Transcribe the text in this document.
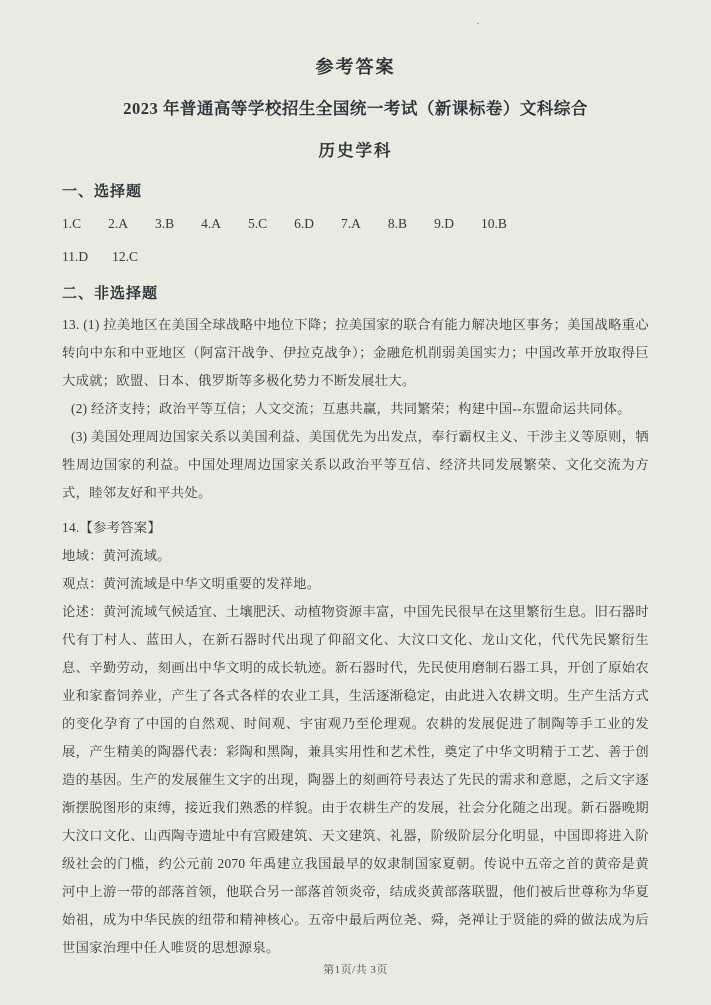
·
参考答案
2023 年普通高等学校招生全国统一考试（新课标卷）文科综合
历史学科
一、选择题
1.C 2.A 3.B 4.A 5.C 6.D 7.A 8.B 9.D 10.B
11.D 12.C
二、非选择题

13. (1) 拉美地区在美国全球战略中地位下降；拉美国家的联合有能力解决地区事务；美国战略重心转向中东和中亚地区（阿富汗战争、伊拉克战争）；金融危机削弱美国实力；中国改革开放取得巨大成就；欧盟、日本、俄罗斯等多极化势力不断发展壮大。

(2) 经济支持；政治平等互信；人文交流；互惠共赢，共同繁荣；构建中国--东盟命运共同体。

(3) 美国处理周边国家关系以美国利益、美国优先为出发点，奉行霸权主义、干涉主义等原则，牺牲周边国家的利益。中国处理周边国家关系以政治平等互信、经济共同发展繁荣、文化交流为方式，睦邻友好和平共处。

14.【参考答案】

地域：黄河流域。

观点：黄河流域是中华文明重要的发祥地。

论述：黄河流域气候适宜、土壤肥沃、动植物资源丰富，中国先民很早在这里繁衍生息。旧石器时代有丁村人、蓝田人，在新石器时代出现了仰韶文化、大汶口文化、龙山文化，代代先民繁衍生息、辛勤劳动，刻画出中华文明的成长轨迹。新石器时代，先民使用磨制石器工具，开创了原始农业和家畜饲养业，产生了各式各样的农业工具，生活逐渐稳定，由此进入农耕文明。生产生活方式的变化孕育了中国的自然观、时间观、宇宙观乃至伦理观。农耕的发展促进了制陶等手工业的发展，产生精美的陶器代表：彩陶和黑陶，兼具实用性和艺术性，奠定了中华文明精于工艺、善于创造的基因。生产的发展催生文字的出现，陶器上的刻画符号表达了先民的需求和意愿，之后文字逐渐摆脱图形的束缚，接近我们熟悉的样貌。由于农耕生产的发展，社会分化随之出现。新石器晚期大汶口文化、山西陶寺遗址中有宫殿建筑、天文建筑、礼器，阶级阶层分化明显，中国即将进入阶级社会的门槛，约公元前 2070 年禹建立我国最早的奴隶制国家夏朝。传说中五帝之首的黄帝是黄河中上游一带的部落首领，他联合另一部落首领炎帝，结成炎黄部落联盟，他们被后世尊称为华夏始祖，成为中华民族的纽带和精神核心。五帝中最后两位尧、舜，尧禅让于贤能的舜的做法成为后世国家治理中任人唯贤的思想源泉。

第1页/共 3页
